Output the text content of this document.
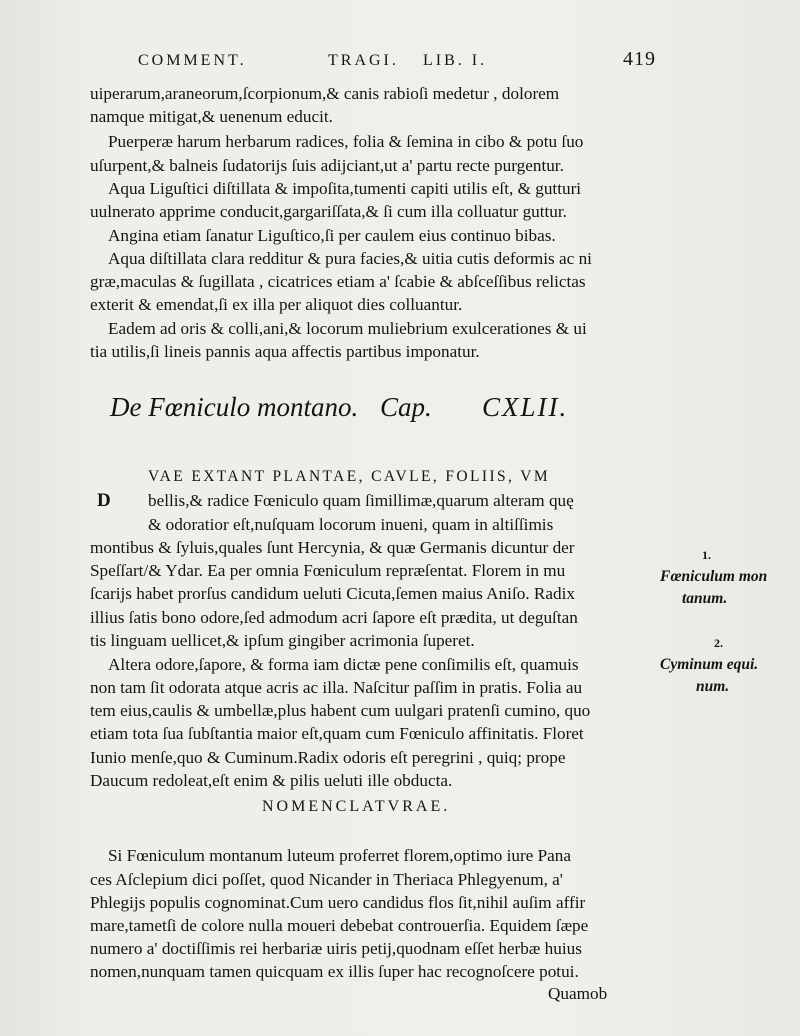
COMMENT.	TRAGI. LIB. I.	419
uiperarum,araneorum,ſcorpionum,& canis rabioſi medetur , dolorem
namque mitigat,& uenenum educit.
Puerperæ harum herbarum radices, folia & ſemina in cibo & potu ſuo
uſurpent,& balneis ſudatorijs ſuis adijciant,ut a' partu recte purgentur.
Aqua Liguſtici diſtillata & impoſita,tumenti capiti utilis eſt, & gutturi
uulnerato apprime conducit,gargariſſata,& ſi cum illa colluatur guttur.
Angina etiam ſanatur Liguſtico,ſi per caulem eius continuo bibas.
Aqua diſtillata clara redditur & pura facies,& uitia cutis deformis ac ni
græ,maculas & ſugillata , cicatrices etiam a' ſcabie & abſceſſibus relictas
exterit & emendat,ſi ex illa per aliquot dies colluantur.
Eadem ad oris & colli,ani,& locorum muliebrium exulcerationes & ui
tia utilis,ſi lineis pannis aqua affectis partibus imponatur.
De Fœniculo montano. Cap. CXLII.
D
VAE EXTANT PLANTAE, CAVLE, FOLIIS, VM
bellis,& radice Fœniculo quam ſimillimæ,quarum alteram quę
& odoratior eſt,nuſquam locorum inueni, quam in altiſſimis
montibus & ſyluis,quales ſunt Hercynia, & quæ Germanis dicuntur der
Speſſart/& Ydar. Ea per omnia Fœniculum repræſentat. Florem in mu
ſcarijs habet prorſus candidum ueluti Cicuta,ſemen maius Aniſo. Radix
illius ſatis bono odore,ſed admodum acri ſapore eſt prædita, ut deguſtan
tis linguam uellicet,& ipſum gingiber acrimonia ſuperet.
Altera odore,ſapore, & forma iam dictæ pene conſimilis eſt, quamuis
non tam ſit odorata atque acris ac illa. Naſcitur paſſim in pratis. Folia au
tem eius,caulis & umbellæ,plus habent cum uulgari pratenſi cumino, quo
etiam tota ſua ſubſtantia maior eſt,quam cum Fœniculo affinitatis. Floret
Iunio menſe,quo & Cuminum.Radix odoris eſt peregrini , quiq; prope
Daucum redoleat,eſt enim & pilis ueluti ille obducta.
1.
Fœniculum mon
tanum.
2.
Cyminum equi.
num.
NOMENCLATVRAE.
Si Fœniculum montanum luteum proferret florem,optimo iure Pana
ces Aſclepium dici poſſet, quod Nicander in Theriaca Phlegyenum, a'
Phlegijs populis cognominat.Cum uero candidus flos ſit,nihil auſim affir
mare,tametſi de colore nulla moueri debebat controuerſia. Equidem ſæpe
numero a' doctiſſimis rei herbariæ uiris petij,quodnam eſſet herbæ huius
nomen,nunquam tamen quicquam ex illis ſuper hac recognoſcere potui.
Quamob
